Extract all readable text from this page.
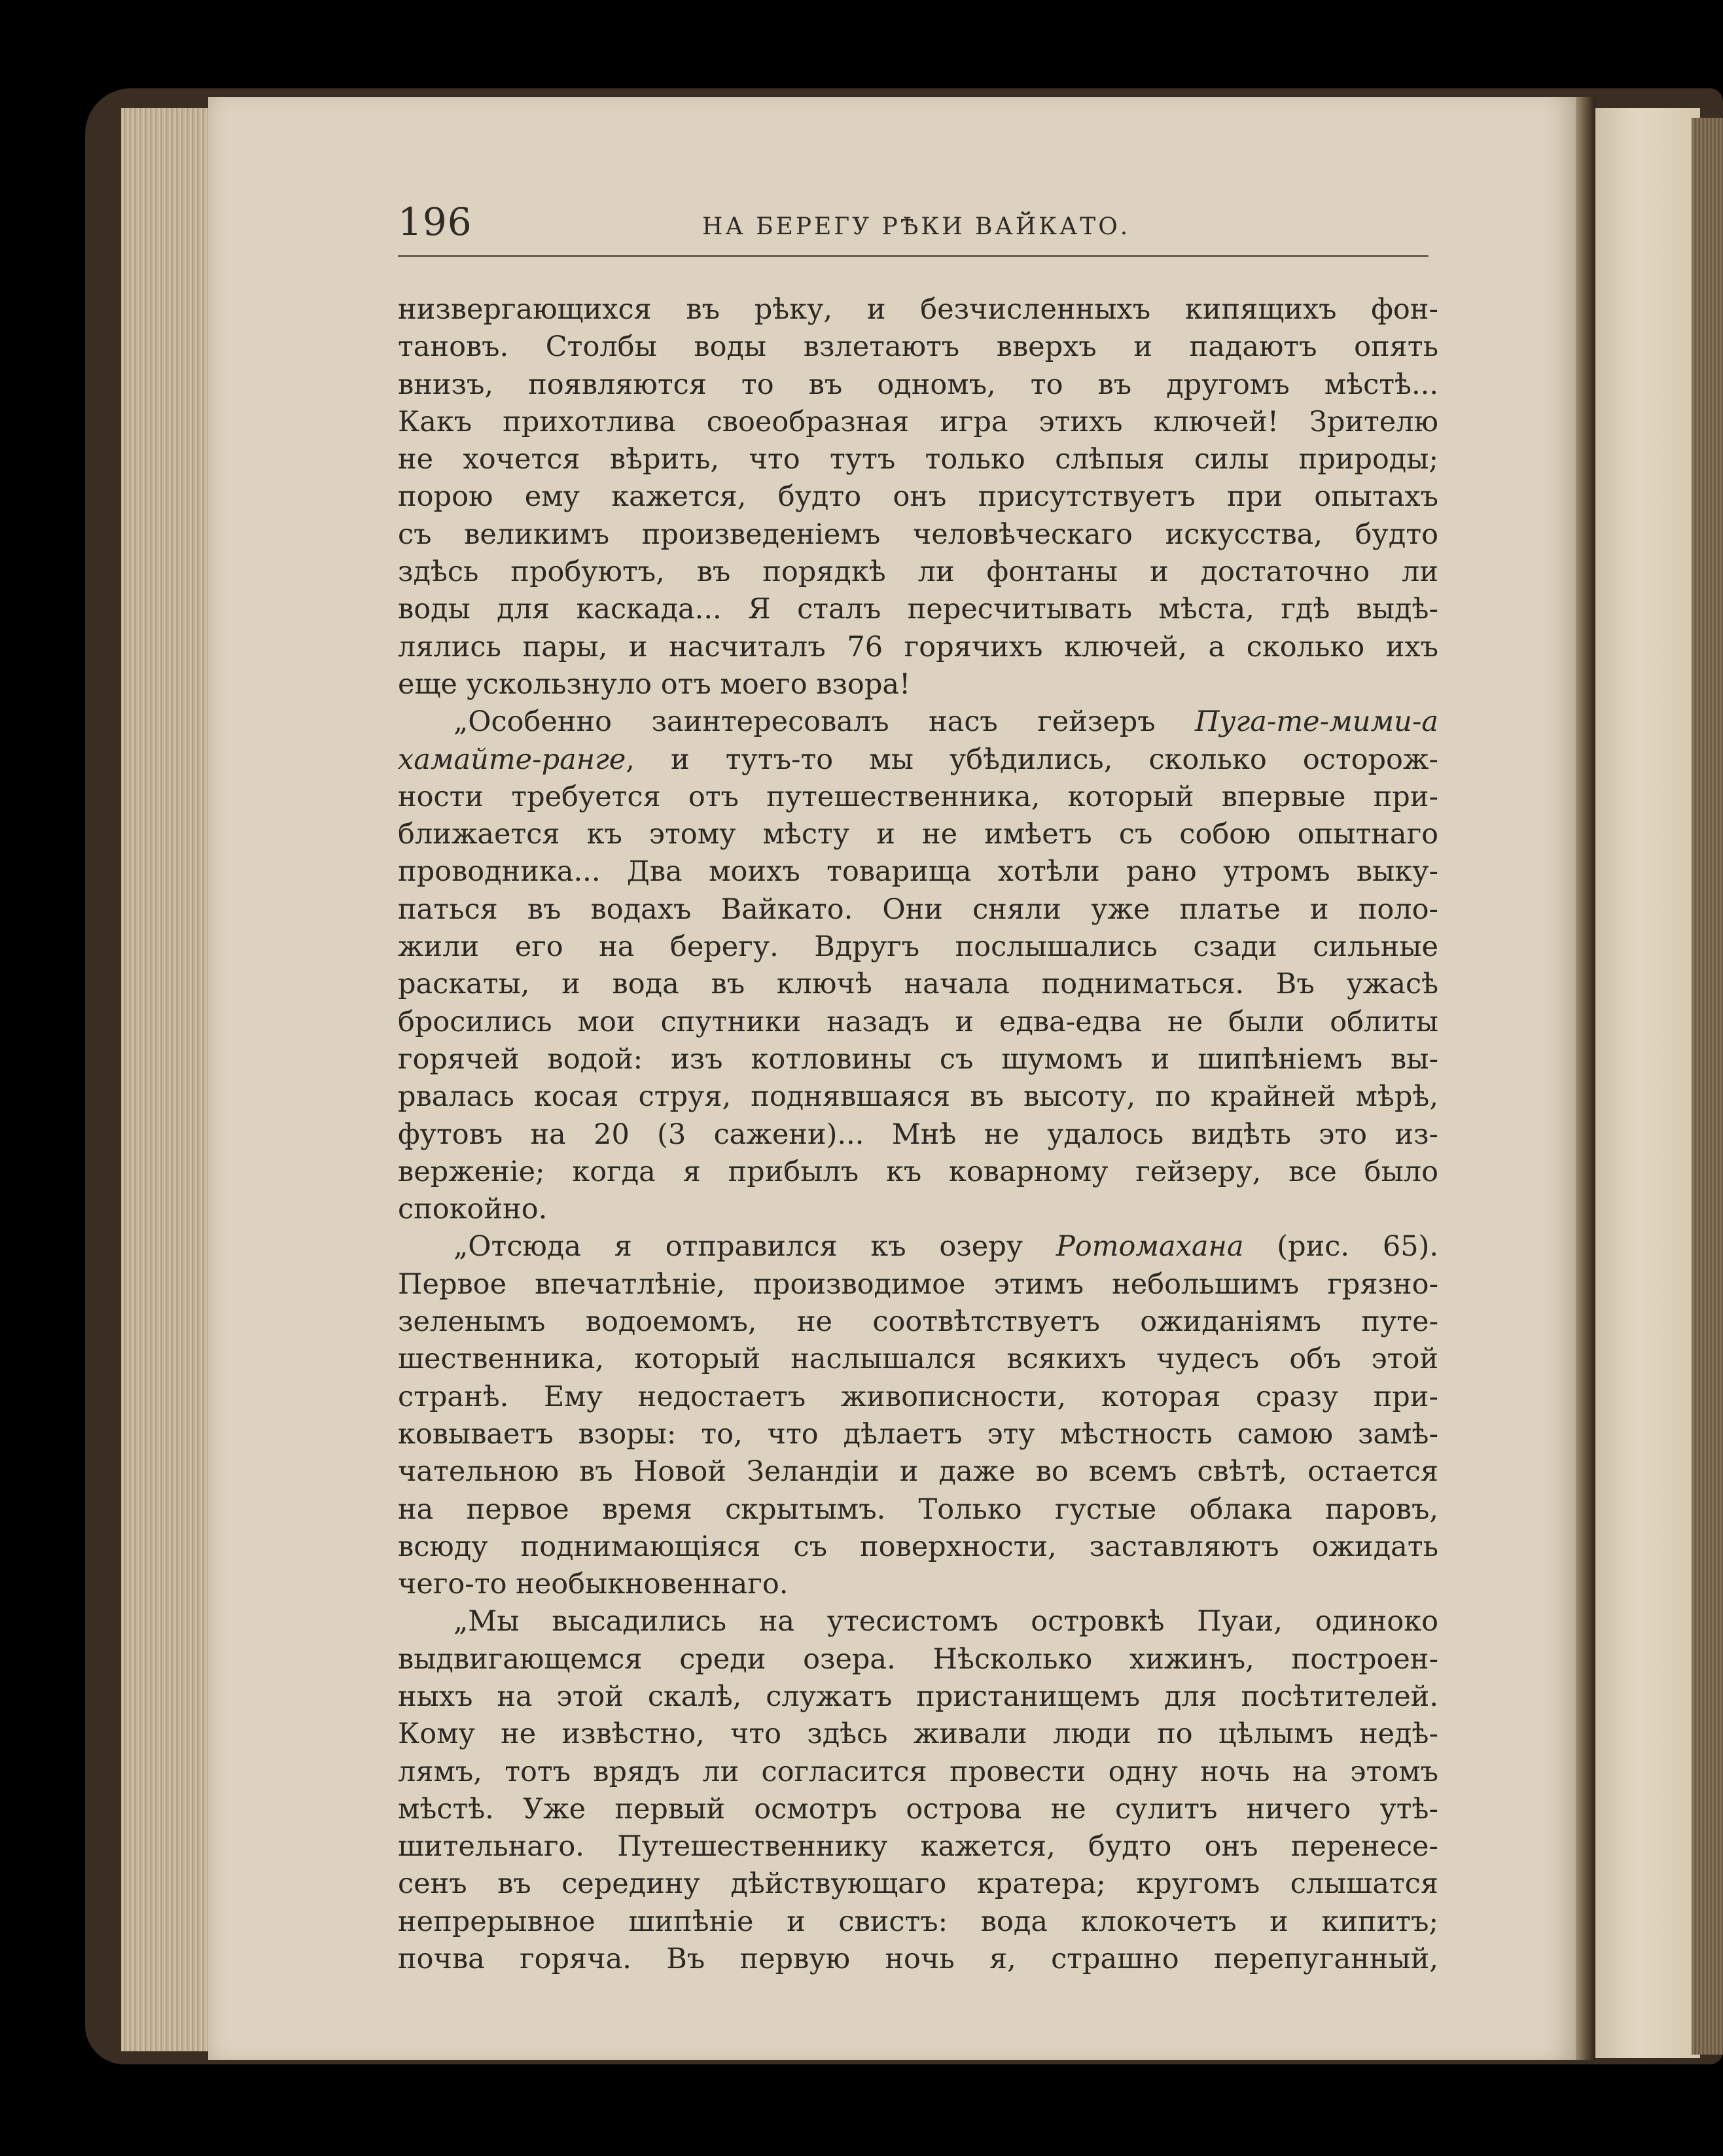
196	НА БЕРЕГУ РѢКИ ВАЙКАТО.
низвергающихся въ рѣку, и безчисленныхъ кипящихъ фон-
тановъ. Столбы воды взлетаютъ вверхъ и падаютъ опять
внизъ, появляются то въ одномъ, то въ другомъ мѣстѣ...
Какъ прихотлива своеобразная игра этихъ ключей! Зрителю
не хочется вѣрить, что тутъ только слѣпыя силы природы;
порою ему кажется, будто онъ присутствуетъ при опытахъ
съ великимъ произведеніемъ человѣческаго искусства, будто
здѣсь пробуютъ, въ порядкѣ ли фонтаны и достаточно ли
воды для каскада... Я сталъ пересчитывать мѣста, гдѣ выдѣ-
лялись пары, и насчиталъ 76 горячихъ ключей, а сколько ихъ
еще ускользнуло отъ моего взора!
„Особенно заинтересовалъ насъ гейзеръ Пуга-те-мими-а
хамайте-ранге, и тутъ-то мы убѣдились, сколько осторож-
ности требуется отъ путешественника, который впервые при-
ближается къ этому мѣсту и не имѣетъ съ собою опытнаго
проводника... Два моихъ товарища хотѣли рано утромъ выку-
паться въ водахъ Вайкато. Они сняли уже платье и поло-
жили его на берегу. Вдругъ послышались сзади сильные
раскаты, и вода въ ключѣ начала подниматься. Въ ужасѣ
бросились мои спутники назадъ и едва-едва не были облиты
горячей водой: изъ котловины съ шумомъ и шипѣніемъ вы-
рвалась косая струя, поднявшаяся въ высоту, по крайней мѣрѣ,
футовъ на 20 (3 сажени)... Мнѣ не удалось видѣть это из-
верженіе; когда я прибылъ къ коварному гейзеру, все было
спокойно.
„Отсюда я отправился къ озеру Ротомахана (рис. 65).
Первое впечатлѣніе, производимое этимъ небольшимъ грязно-
зеленымъ водоемомъ, не соотвѣтствуетъ ожиданіямъ путе-
шественника, который наслышался всякихъ чудесъ объ этой
странѣ. Ему недостаетъ живописности, которая сразу при-
ковываетъ взоры: то, что дѣлаетъ эту мѣстность самою замѣ-
чательною въ Новой Зеландіи и даже во всемъ свѣтѣ, остается
на первое время скрытымъ. Только густые облака паровъ,
всюду поднимающіяся съ поверхности, заставляютъ ожидать
чего-то необыкновеннаго.
„Мы высадились на утесистомъ островкѣ Пуаи, одиноко
выдвигающемся среди озера. Нѣсколько хижинъ, построен-
ныхъ на этой скалѣ, служатъ пристанищемъ для посѣтителей.
Кому не извѣстно, что здѣсь живали люди по цѣлымъ недѣ-
лямъ, тотъ врядъ ли согласится провести одну ночь на этомъ
мѣстѣ. Уже первый осмотръ острова не сулитъ ничего утѣ-
шительнаго. Путешественнику кажется, будто онъ перенесе-
сенъ въ середину дѣйствующаго кратера; кругомъ слышатся
непрерывное шипѣніе и свистъ: вода клокочетъ и кипитъ;
почва горяча. Въ первую ночь я, страшно перепуганный,
